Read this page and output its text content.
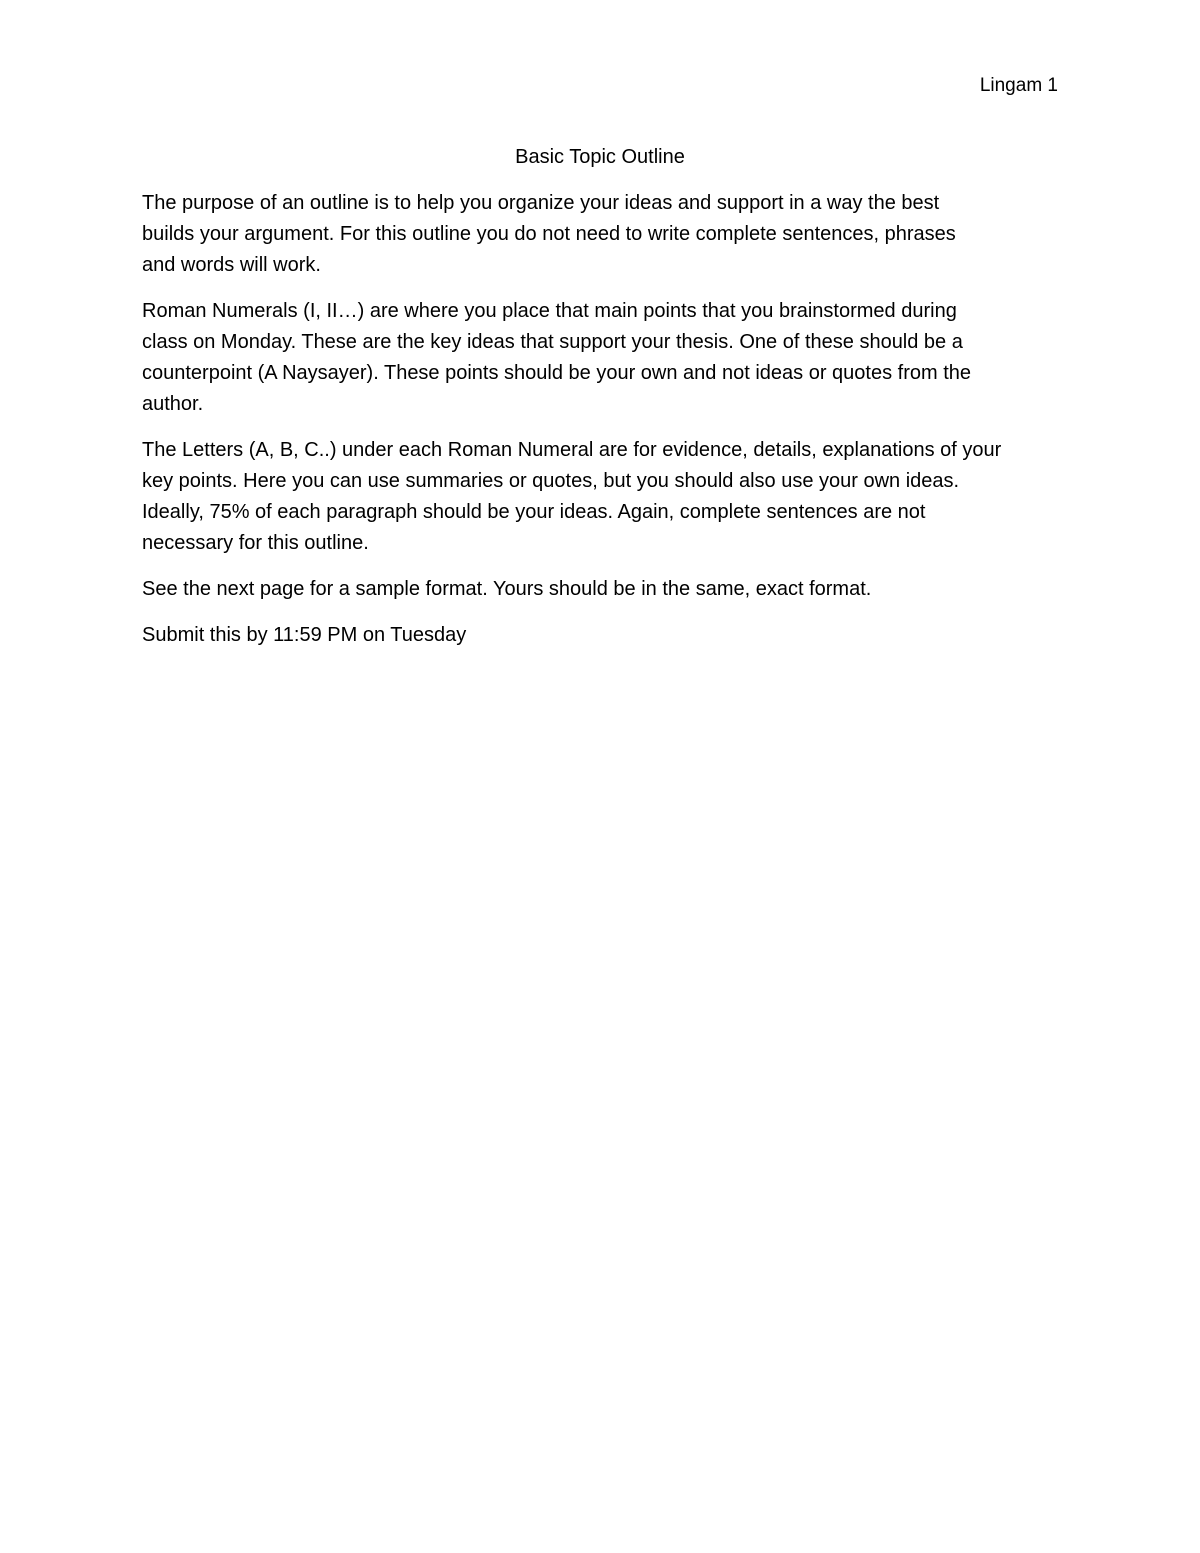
Lingam 1
Basic Topic Outline

The purpose of an outline is to help you organize your ideas and support in a way the best
builds your argument. For this outline you do not need to write complete sentences, phrases
and words will work.

Roman Numerals (I, II…) are where you place that main points that you brainstormed during
class on Monday. These are the key ideas that support your thesis. One of these should be a
counterpoint (A Naysayer). These points should be your own and not ideas or quotes from the
author.

The Letters (A, B, C..) under each Roman Numeral are for evidence, details, explanations of your
key points. Here you can use summaries or quotes, but you should also use your own ideas.
Ideally, 75% of each paragraph should be your ideas. Again, complete sentences are not
necessary for this outline.

See the next page for a sample format. Yours should be in the same, exact format.

Submit this by 11:59 PM on Tuesday
